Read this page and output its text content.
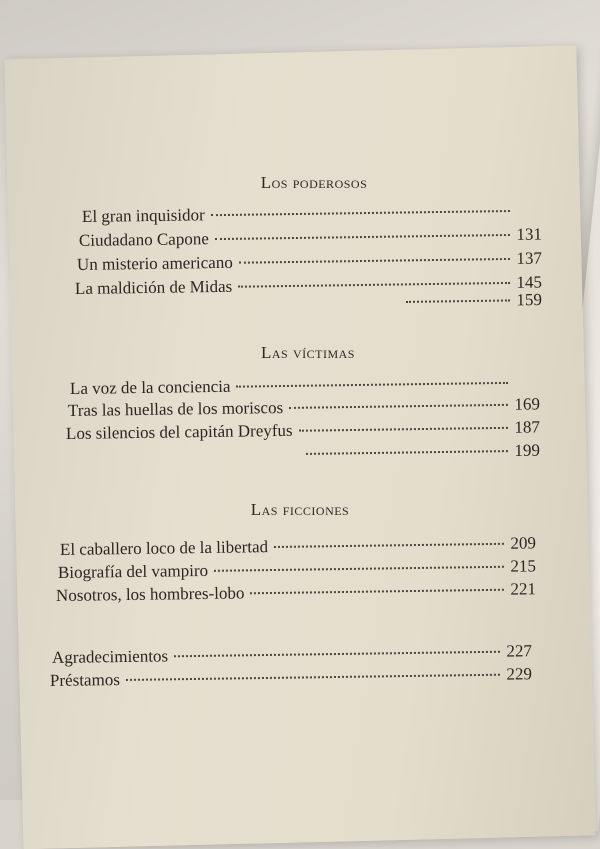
Los poderosos
El gran inquisidor
Ciudadano Capone	131
Un misterio americano	137
La maldición de Midas	145
159
Las víctimas
La voz de la conciencia
Tras las huellas de los moriscos	169
Los silencios del capitán Dreyfus	187
199
Las ficciones
El caballero loco de la libertad	209
Biografía del vampiro	215
Nosotros, los hombres-lobo	221
Agradecimientos	227
Préstamos	229
